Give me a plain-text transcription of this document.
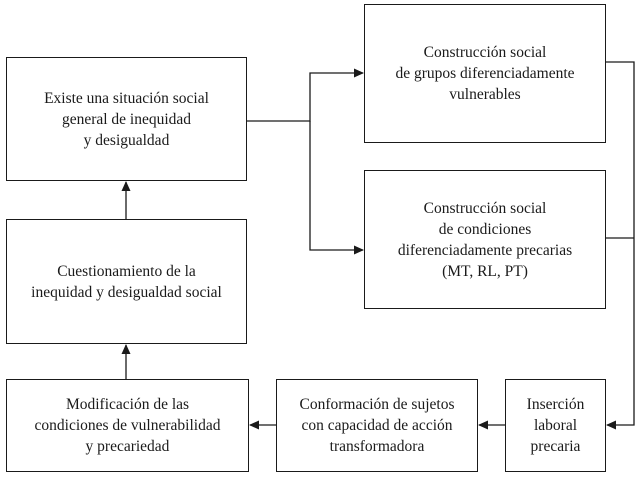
Existe una situación social
general de inequidad
y desigualdad
Construcción social
de grupos diferenciadamente
vulnerables
Construcción social
de condiciones
diferenciadamente precarias
(MT, RL, PT)
Cuestionamiento de la
inequidad y desigualdad social
Modificación de las
condiciones de vulnerabilidad
y precariedad
Conformación de sujetos
con capacidad de acción
transformadora
Inserción
laboral
precaria
